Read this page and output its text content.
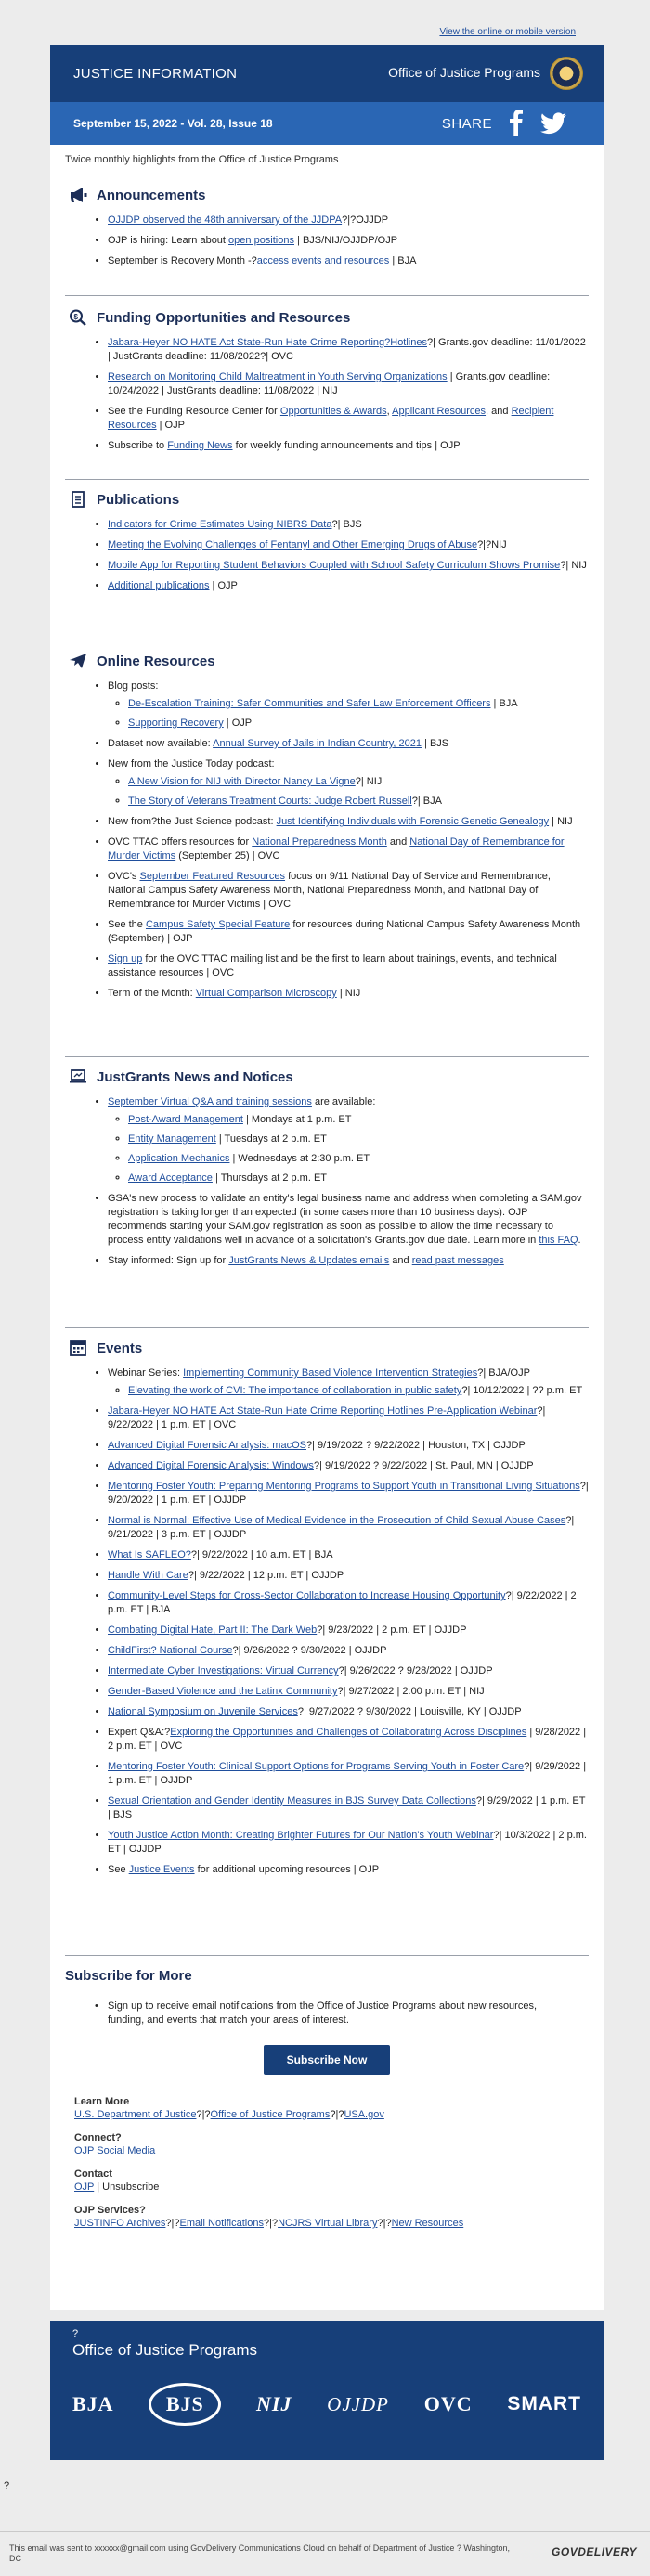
View the online or mobile version
JUSTICE INFORMATION	Office of Justice Programs
September 15, 2022 - Vol. 28, Issue 18	SHARE
Twice monthly highlights from the Office of Justice Programs
Announcements
• OJJDP observed the 48th anniversary of the JJDPA?|?OJJDP
• OJP is hiring: Learn about open positions | BJS/NIJ/OJJDP/OJP
• September is Recovery Month -?access events and resources | BJA
$ Funding Opportunities and Resources
• Jabara-Heyer NO HATE Act State-Run Hate Crime Reporting?Hotlines?| Grants.gov deadline: 11/01/2022 | JustGrants deadline: 11/08/2022?| OVC
• Research on Monitoring Child Maltreatment in Youth Serving Organizations | Grants.gov deadline: 10/24/2022 | JustGrants deadline: 11/08/2022 | NIJ
• See the Funding Resource Center for Opportunities & Awards, Applicant Resources, and Recipient Resources | OJP
• Subscribe to Funding News for weekly funding announcements and tips | OJP
Publications
• Indicators for Crime Estimates Using NIBRS Data?| BJS
• Meeting the Evolving Challenges of Fentanyl and Other Emerging Drugs of Abuse?|?NIJ
• Mobile App for Reporting Student Behaviors Coupled with School Safety Curriculum Shows Promise?| NIJ
• Additional publications | OJP
Online Resources
• Blog posts:
◦ De-Escalation Training: Safer Communities and Safer Law Enforcement Officers | BJA
◦ Supporting Recovery | OJP
• Dataset now available: Annual Survey of Jails in Indian Country, 2021 | BJS
• New from the Justice Today podcast:
◦ A New Vision for NIJ with Director Nancy La Vigne?| NIJ
◦ The Story of Veterans Treatment Courts: Judge Robert Russell?| BJA
• New from?the Just Science podcast: Just Identifying Individuals with Forensic Genetic Genealogy | NIJ
• OVC TTAC offers resources for National Preparedness Month and National Day of Remembrance for Murder Victims (September 25) | OVC
• OVC's September Featured Resources focus on 9/11 National Day of Service and Remembrance, National Campus Safety Awareness Month, National Preparedness Month, and National Day of Remembrance for Murder Victims | OVC
• See the Campus Safety Special Feature for resources during National Campus Safety Awareness Month (September) | OJP
• Sign up for the OVC TTAC mailing list and be the first to learn about trainings, events, and technical assistance resources | OVC
• Term of the Month: Virtual Comparison Microscopy | NIJ
JustGrants News and Notices
• September Virtual Q&A and training sessions are available:
◦ Post-Award Management | Mondays at 1 p.m. ET
◦ Entity Management | Tuesdays at 2 p.m. ET
◦ Application Mechanics | Wednesdays at 2:30 p.m. ET
◦ Award Acceptance | Thursdays at 2 p.m. ET
• GSA's new process to validate an entity's legal business name and address when completing a SAM.gov registration is taking longer than expected (in some cases more than 10 business days). OJP recommends starting your SAM.gov registration as soon as possible to allow the time necessary to process entity validations well in advance of a solicitation's Grants.gov due date. Learn more in this FAQ.
• Stay informed: Sign up for JustGrants News & Updates emails and read past messages
Events
• Webinar Series: Implementing Community Based Violence Intervention Strategies?| BJA/OJP
◦ Elevating the work of CVI: The importance of collaboration in public safety?| 10/12/2022 | ?? p.m. ET
• Jabara-Heyer NO HATE Act State-Run Hate Crime Reporting Hotlines Pre-Application Webinar?| 9/22/2022 | 1 p.m. ET | OVC
• Advanced Digital Forensic Analysis: macOS?| 9/19/2022 ? 9/22/2022 | Houston, TX | OJJDP
• Advanced Digital Forensic Analysis: Windows?| 9/19/2022 ? 9/22/2022 | St. Paul, MN | OJJDP
• Mentoring Foster Youth: Preparing Mentoring Programs to Support Youth in Transitional Living Situations?| 9/20/2022 | 1 p.m. ET | OJJDP
• Normal is Normal: Effective Use of Medical Evidence in the Prosecution of Child Sexual Abuse Cases?| 9/21/2022 | 3 p.m. ET | OJJDP
• What Is SAFLEO??| 9/22/2022 | 10 a.m. ET | BJA
• Handle With Care?| 9/22/2022 | 12 p.m. ET | OJJDP
• Community-Level Steps for Cross-Sector Collaboration to Increase Housing Opportunity?| 9/22/2022 | 2 p.m. ET | BJA
• Combating Digital Hate, Part II: The Dark Web?| 9/23/2022 | 2 p.m. ET | OJJDP
• ChildFirst? National Course?| 9/26/2022 ? 9/30/2022 | OJJDP
• Intermediate Cyber Investigations: Virtual Currency?| 9/26/2022 ? 9/28/2022 | OJJDP
• Gender-Based Violence and the Latinx Community?| 9/27/2022 | 2:00 p.m. ET | NIJ
• National Symposium on Juvenile Services?| 9/27/2022 ? 9/30/2022 | Louisville, KY | OJJDP
• Expert Q&A:?Exploring the Opportunities and Challenges of Collaborating Across Disciplines | 9/28/2022 | 2 p.m. ET | OVC
• Mentoring Foster Youth: Clinical Support Options for Programs Serving Youth in Foster Care?| 9/29/2022 | 1 p.m. ET | OJJDP
• Sexual Orientation and Gender Identity Measures in BJS Survey Data Collections?| 9/29/2022 | 1 p.m. ET | BJS
• Youth Justice Action Month: Creating Brighter Futures for Our Nation's Youth Webinar?| 10/3/2022 | 2 p.m. ET | OJJDP
• See Justice Events for additional upcoming resources | OJP
Subscribe for More
• Sign up to receive email notifications from the Office of Justice Programs about new resources, funding, and events that match your areas of interest.
Subscribe Now
Learn More
U.S. Department of Justice?|?Office of Justice Programs?|?USA.gov
Connect?
OJP Social Media
Contact
OJP | Unsubscribe
OJP Services?
JUSTINFO Archives?|?Email Notifications?|?NCJRS Virtual Library?|?New Resources
?
Office of Justice Programs
BJA	BJS	NIJ OJJDP OVC SMART
?
This email was sent to xxxxxx@gmail.com using GovDelivery Communications Cloud on behalf of Department of Justice ? Washington, DC	GOVDELIVERY
